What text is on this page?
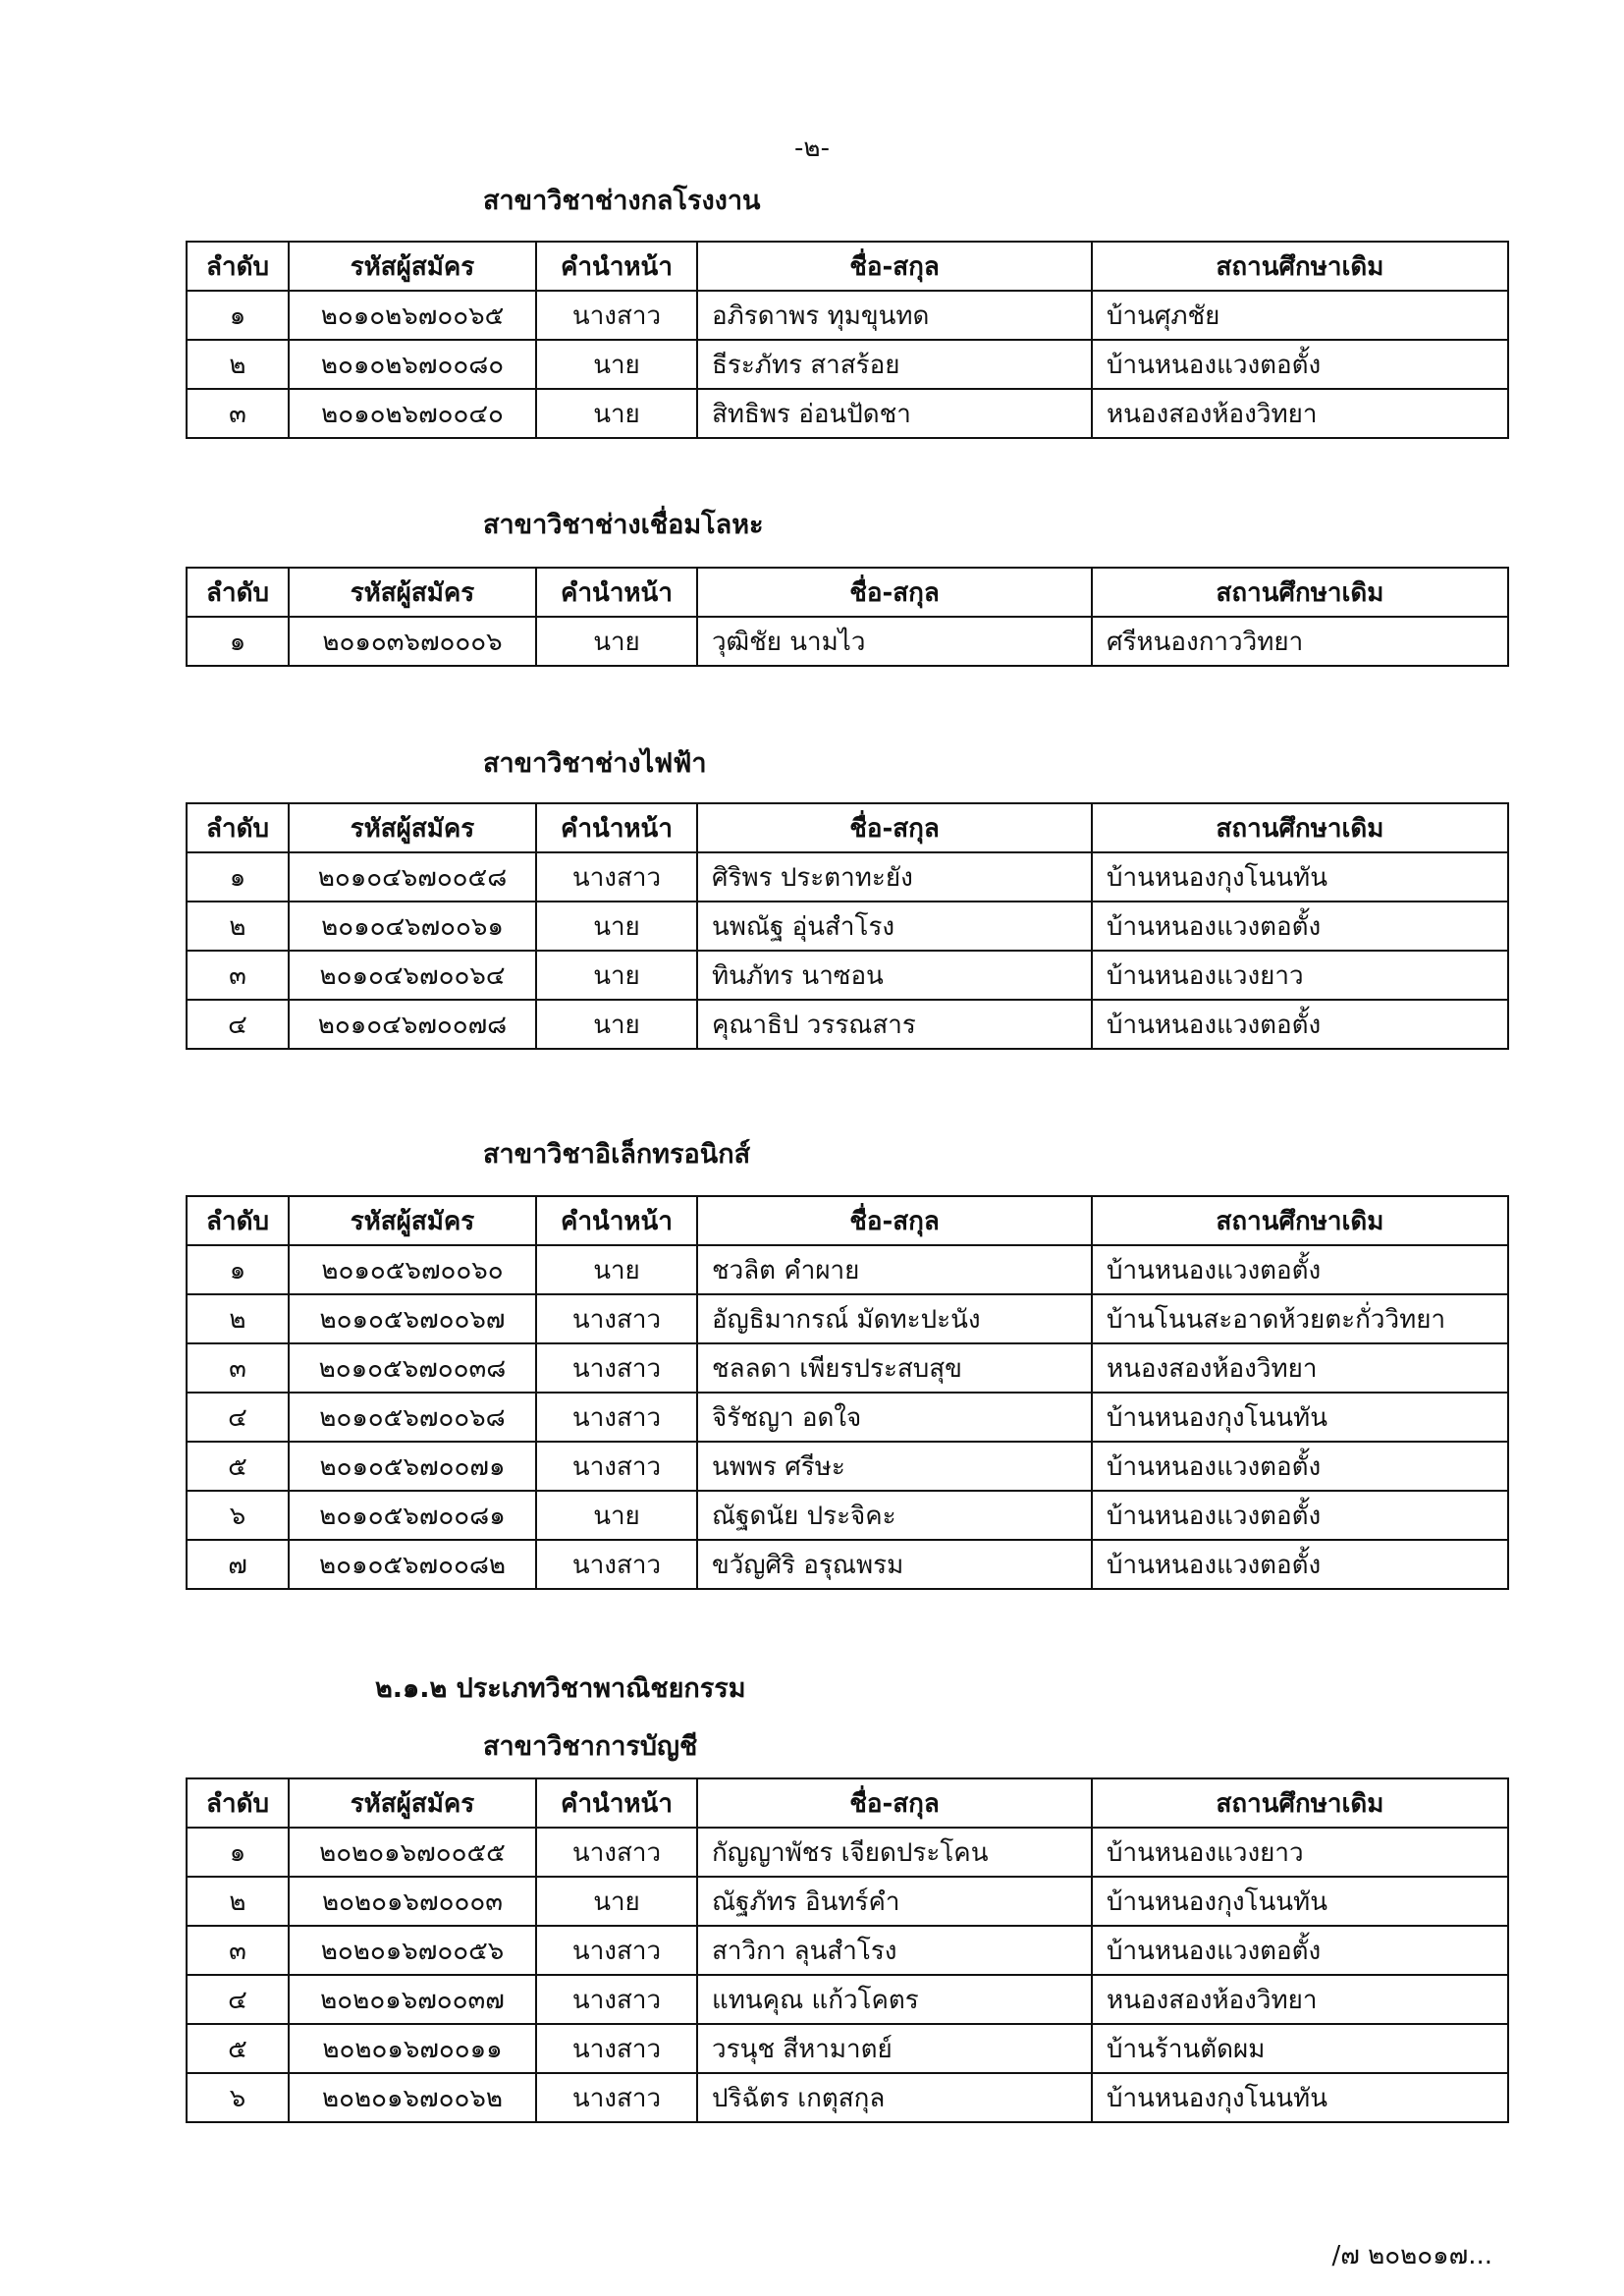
-๒-
สาขาวิชาช่างกลโรงงาน
ลำดับ	รหัสผู้สมัคร	คำนำหน้า	ชื่อ-สกุล	สถานศึกษาเดิม
๑	๒๐๑๐๒๖๗๐๐๖๕	นางสาว	อภิรดาพร ทุมขุนทด	บ้านศุภชัย
๒	๒๐๑๐๒๖๗๐๐๘๐	นาย	ธีระภัทร สาสร้อย	บ้านหนองแวงตอตั้ง
๓	๒๐๑๐๒๖๗๐๐๔๐	นาย	สิทธิพร อ่อนปัดชา	หนองสองห้องวิทยา
สาขาวิชาช่างเชื่อมโลหะ
ลำดับ	รหัสผู้สมัคร	คำนำหน้า	ชื่อ-สกุล	สถานศึกษาเดิม
๑	๒๐๑๐๓๖๗๐๐๐๖	นาย	วุฒิชัย นามไว	ศรีหนองกาววิทยา
สาขาวิชาช่างไฟฟ้า
ลำดับ	รหัสผู้สมัคร	คำนำหน้า	ชื่อ-สกุล	สถานศึกษาเดิม
๑	๒๐๑๐๔๖๗๐๐๕๘	นางสาว	ศิริพร ประตาทะยัง	บ้านหนองกุงโนนทัน
๒	๒๐๑๐๔๖๗๐๐๖๑	นาย	นพณัฐ อุ่นสำโรง	บ้านหนองแวงตอตั้ง
๓	๒๐๑๐๔๖๗๐๐๖๔	นาย	ทินภัทร นาซอน	บ้านหนองแวงยาว
๔	๒๐๑๐๔๖๗๐๐๗๘	นาย	คุณาธิป วรรณสาร	บ้านหนองแวงตอตั้ง
สาขาวิชาอิเล็กทรอนิกส์
ลำดับ	รหัสผู้สมัคร	คำนำหน้า	ชื่อ-สกุล	สถานศึกษาเดิม
๑	๒๐๑๐๕๖๗๐๐๖๐	นาย	ชวลิต คำผาย	บ้านหนองแวงตอตั้ง
๒	๒๐๑๐๕๖๗๐๐๖๗	นางสาว	อัญธิมากรณ์ มัดทะปะนัง	บ้านโนนสะอาดห้วยตะกั่ววิทยา
๓	๒๐๑๐๕๖๗๐๐๓๘	นางสาว	ชลลดา เพียรประสบสุข	หนองสองห้องวิทยา
๔	๒๐๑๐๕๖๗๐๐๖๘	นางสาว	จิรัชญา อดใจ	บ้านหนองกุงโนนทัน
๕	๒๐๑๐๕๖๗๐๐๗๑	นางสาว	นพพร ศรีษะ	บ้านหนองแวงตอตั้ง
๖	๒๐๑๐๕๖๗๐๐๘๑	นาย	ณัฐดนัย ประจิคะ	บ้านหนองแวงตอตั้ง
๗	๒๐๑๐๕๖๗๐๐๘๒	นางสาว	ขวัญศิริ อรุณพรม	บ้านหนองแวงตอตั้ง
๒.๑.๒ ประเภทวิชาพาณิชยกรรม
สาขาวิชาการบัญชี
ลำดับ	รหัสผู้สมัคร	คำนำหน้า	ชื่อ-สกุล	สถานศึกษาเดิม
๑	๒๐๒๐๑๖๗๐๐๕๕	นางสาว	กัญญาพัชร เจียดประโคน	บ้านหนองแวงยาว
๒	๒๐๒๐๑๖๗๐๐๐๓	นาย	ณัฐภัทร อินทร์คำ	บ้านหนองกุงโนนทัน
๓	๒๐๒๐๑๖๗๐๐๕๖	นางสาว	สาวิกา ลุนสำโรง	บ้านหนองแวงตอตั้ง
๔	๒๐๒๐๑๖๗๐๐๓๗	นางสาว	แทนคุณ แก้วโคตร	หนองสองห้องวิทยา
๕	๒๐๒๐๑๖๗๐๐๑๑	นางสาว	วรนุช สีหามาตย์	บ้านร้านตัดผม
๖	๒๐๒๐๑๖๗๐๐๖๒	นางสาว	ปริฉัตร เกตุสกุล	บ้านหนองกุงโนนทัน
/๗ ๒๐๒๐๑๗...
